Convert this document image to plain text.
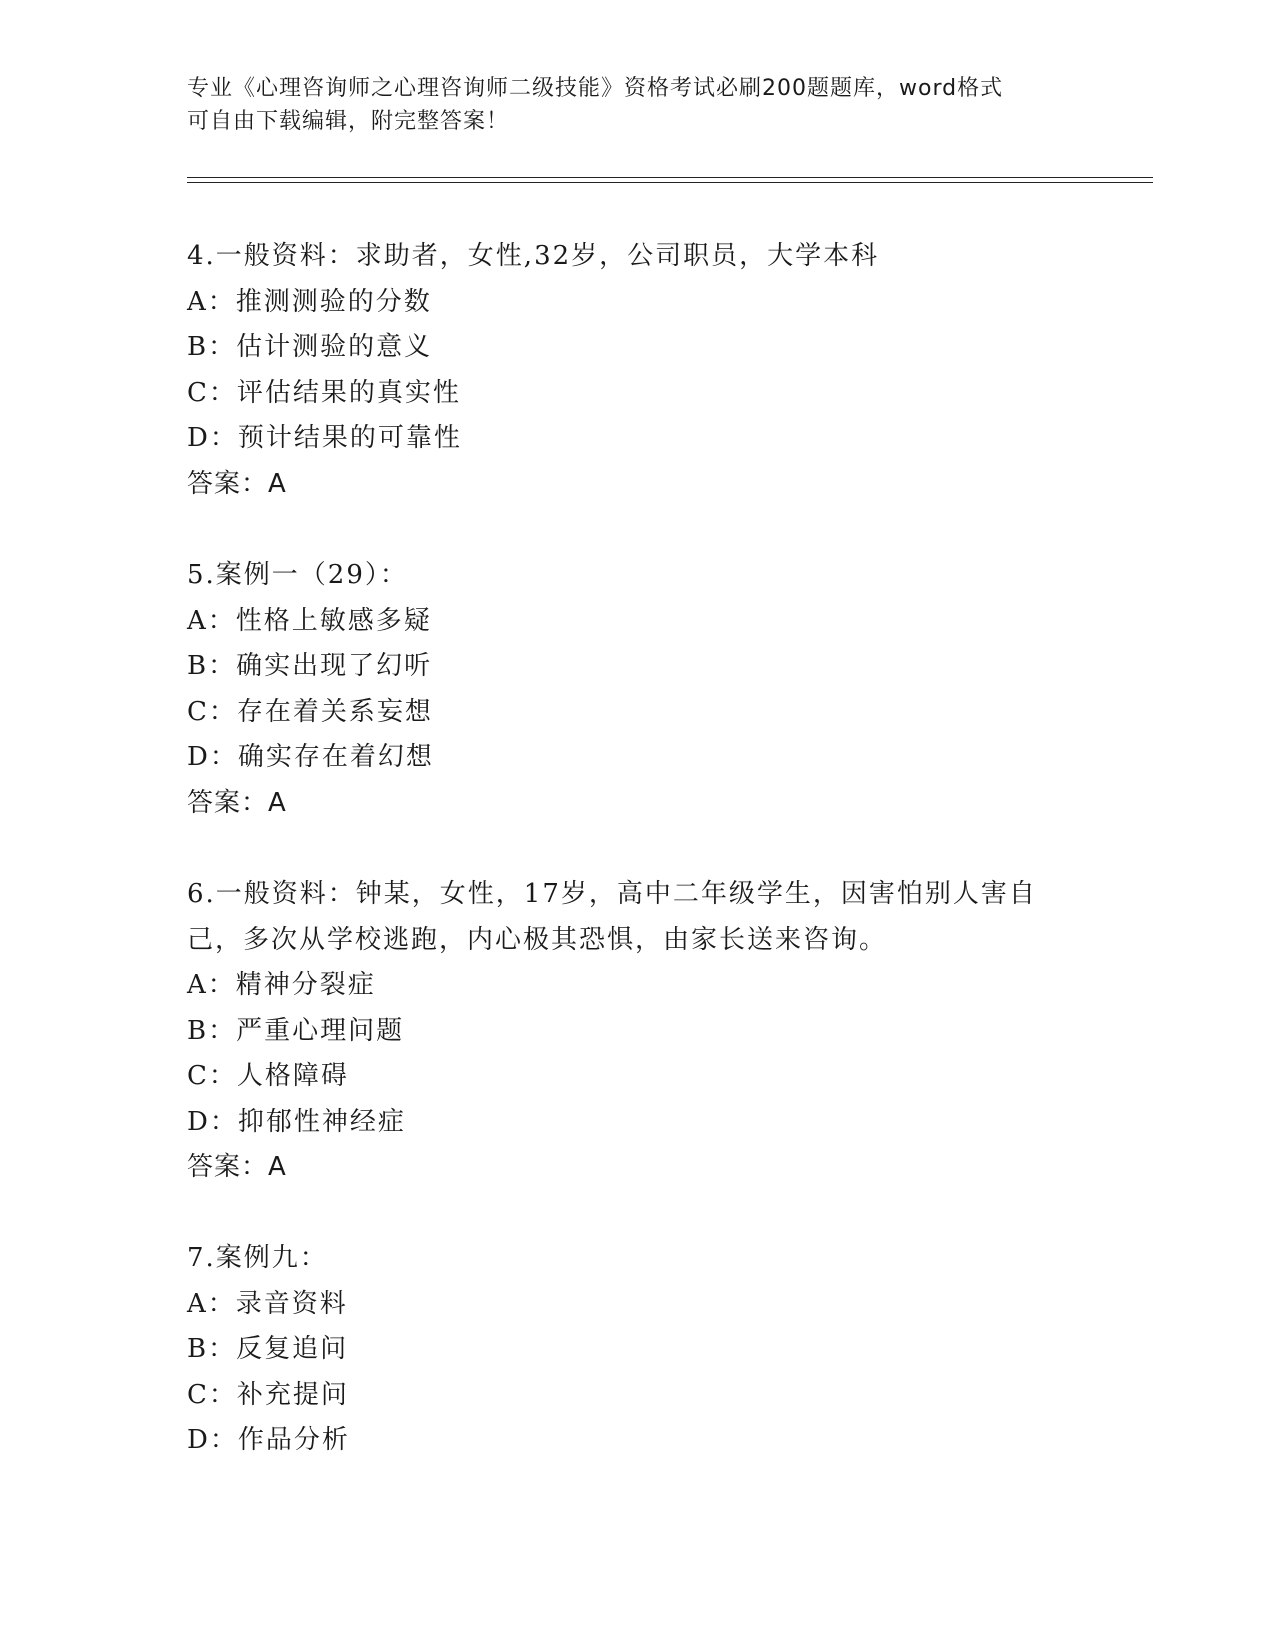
专业《心理咨询师之心理咨询师二级技能》资格考试必刷200题题库，word格式
可自由下载编辑，附完整答案！
4.一般资料：求助者，女性,32岁，公司职员，大学本科
A：推测测验的分数
B：估计测验的意义
C：评估结果的真实性
D：预计结果的可靠性
答案：A
5.案例一（29）：
A：性格上敏感多疑
B：确实出现了幻听
C：存在着关系妄想
D：确实存在着幻想
答案：A
6.一般资料：钟某，女性，17岁，高中二年级学生，因害怕别人害自
己，多次从学校逃跑，内心极其恐惧，由家长送来咨询。
A：精神分裂症
B：严重心理问题
C：人格障碍
D：抑郁性神经症
答案：A
7.案例九：
A：录音资料
B：反复追问
C：补充提问
D：作品分析
